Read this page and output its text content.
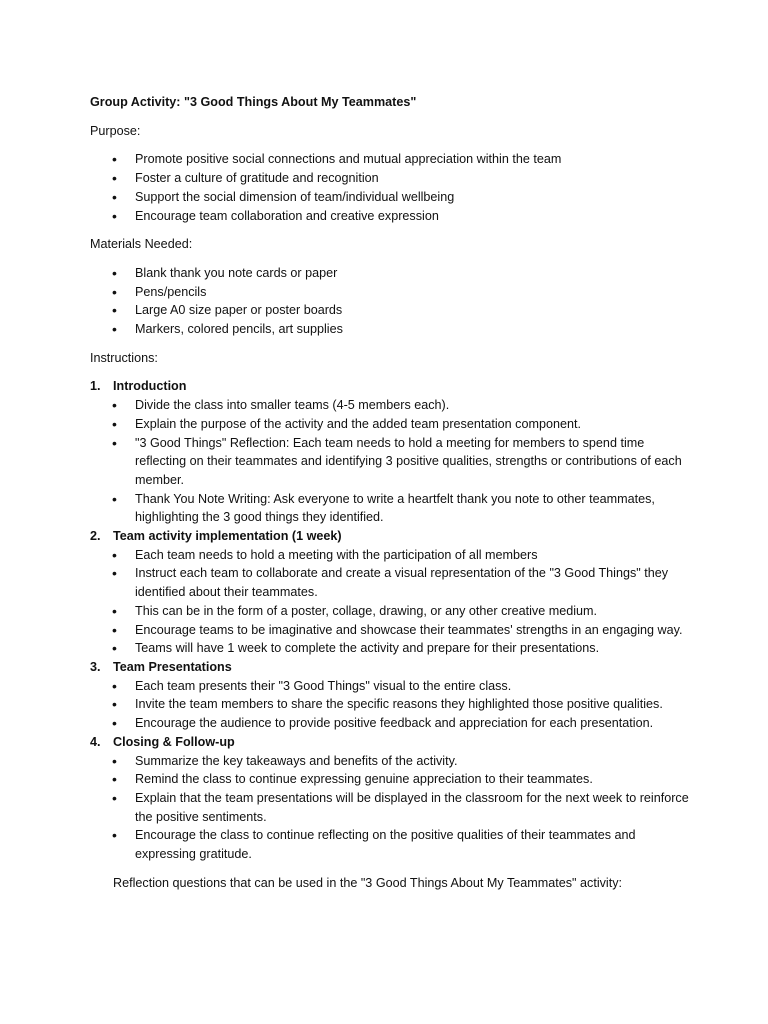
Group Activity: "3 Good Things About My Teammates"
Purpose:
• Promote positive social connections and mutual appreciation within the team
• Foster a culture of gratitude and recognition
• Support the social dimension of team/individual wellbeing
• Encourage team collaboration and creative expression
Materials Needed:
• Blank thank you note cards or paper
• Pens/pencils
• Large A0 size paper or poster boards
• Markers, colored pencils, art supplies
Instructions:
1. Introduction
• Divide the class into smaller teams (4-5 members each).
• Explain the purpose of the activity and the added team presentation component.
• "3 Good Things" Reflection: Each team needs to hold a meeting for members to spend time reflecting on their teammates and identifying 3 positive qualities, strengths or contributions of each member.
• Thank You Note Writing: Ask everyone to write a heartfelt thank you note to other teammates, highlighting the 3 good things they identified.
2. Team activity implementation (1 week)
• Each team needs to hold a meeting with the participation of all members
• Instruct each team to collaborate and create a visual representation of the "3 Good Things" they identified about their teammates.
• This can be in the form of a poster, collage, drawing, or any other creative medium.
• Encourage teams to be imaginative and showcase their teammates' strengths in an engaging way.
• Teams will have 1 week to complete the activity and prepare for their presentations.
3. Team Presentations
• Each team presents their "3 Good Things" visual to the entire class.
• Invite the team members to share the specific reasons they highlighted those positive qualities.
• Encourage the audience to provide positive feedback and appreciation for each presentation.
4. Closing & Follow-up
• Summarize the key takeaways and benefits of the activity.
• Remind the class to continue expressing genuine appreciation to their teammates.
• Explain that the team presentations will be displayed in the classroom for the next week to reinforce the positive sentiments.
• Encourage the class to continue reflecting on the positive qualities of their teammates and expressing gratitude.
Reflection questions that can be used in the "3 Good Things About My Teammates" activity:
